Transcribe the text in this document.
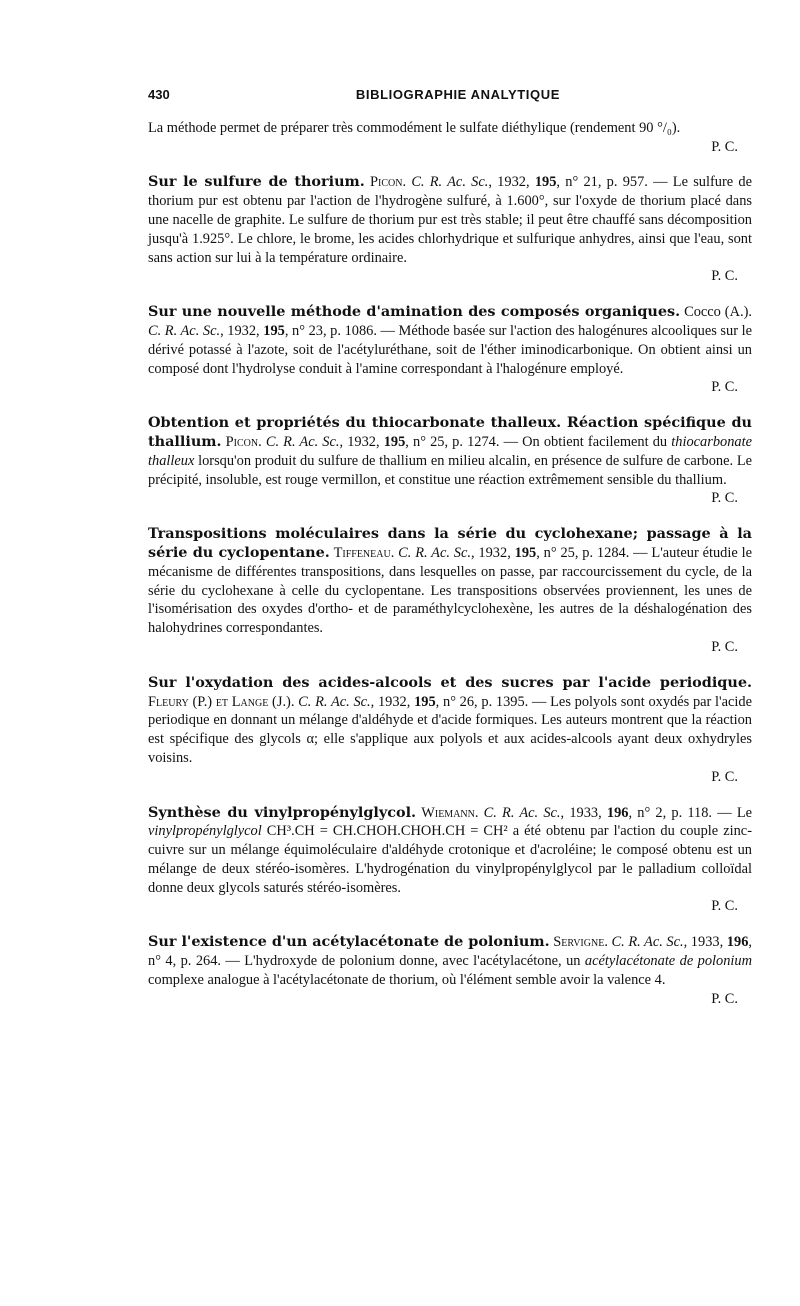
430	BIBLIOGRAPHIE ANALYTIQUE

La méthode permet de préparer très commodément le sulfate diéthylique (rendement 90 °/₀).

P. C.

Sur le sulfure de thorium. Picon. C. R. Ac. Sc., 1932, 195, n° 21, p. 957. — Le sulfure de thorium pur est obtenu par l'action de l'hydrogène sulfuré, à 1.600°, sur l'oxyde de thorium placé dans une nacelle de graphite. Le sulfure de thorium pur est très stable; il peut être chauffé sans décomposition jusqu'à 1.925°. Le chlore, le brome, les acides chlorhydrique et sulfurique anhydres, ainsi que l'eau, sont sans action sur lui à la température ordinaire.

P. C.

Sur une nouvelle méthode d'amination des composés organiques. Cocco (A.). C. R. Ac. Sc., 1932, 195, n° 23, p. 1086. — Méthode basée sur l'action des halogénures alcooliques sur le dérivé potassé à l'azote, soit de l'acétyluréthane, soit de l'éther iminodicarbonique. On obtient ainsi un composé dont l'hydrolyse conduit à l'amine correspondant à l'halogénure employé.

P. C.

Obtention et propriétés du thiocarbonate thalleux. Réaction spécifique du thallium. Picon. C. R. Ac. Sc., 1932, 195, n° 25, p. 1274. — On obtient facilement du thiocarbonate thalleux lorsqu'on produit du sulfure de thallium en milieu alcalin, en présence de sulfure de carbone. Le précipité, insoluble, est rouge vermillon, et constitue une réaction extrêmement sensible du thallium.

P. C.

Transpositions moléculaires dans la série du cyclohexane; passage à la série du cyclopentane. Tiffeneau. C. R. Ac. Sc., 1932, 195, n° 25, p. 1284. — L'auteur étudie le mécanisme de différentes transpositions, dans lesquelles on passe, par raccourcissement du cycle, de la série du cyclohexane à celle du cyclopentane. Les transpositions observées proviennent, les unes de l'isomérisation des oxydes d'ortho- et de paraméthylcyclohexène, les autres de la déshalogénation des halohydrines correspondantes.

P. C.

Sur l'oxydation des acides-alcools et des sucres par l'acide periodique. Fleury (P.) et Lange (J.). C. R. Ac. Sc., 1932, 195, n° 26, p. 1395. — Les polyols sont oxydés par l'acide periodique en donnant un mélange d'aldéhyde et d'acide formiques. Les auteurs montrent que la réaction est spécifique des glycols α; elle s'applique aux polyols et aux acides-alcools ayant deux oxhydryles voisins.

P. C.

Synthèse du vinylpropénylglycol. Wiemann. C. R. Ac. Sc., 1933, 196, n° 2, p. 118. — Le vinylpropénylglycol CH³.CH = CH.CHOH.CHOH.CH = CH² a été obtenu par l'action du couple zinc-cuivre sur un mélange équimoléculaire d'aldéhyde crotonique et d'acroléine; le composé obtenu est un mélange de deux stéréo-isomères. L'hydrogénation du vinylpropénylglycol par le palladium colloïdal donne deux glycols saturés stéréo-isomères.

P. C.

Sur l'existence d'un acétylacétonate de polonium. Servigne. C. R. Ac. Sc., 1933, 196, n° 4, p. 264. — L'hydroxyde de polonium donne, avec l'acétylacétone, un acétylacétonate de polonium complexe analogue à l'acétylacétonate de thorium, où l'élément semble avoir la valence 4.

P. C.
